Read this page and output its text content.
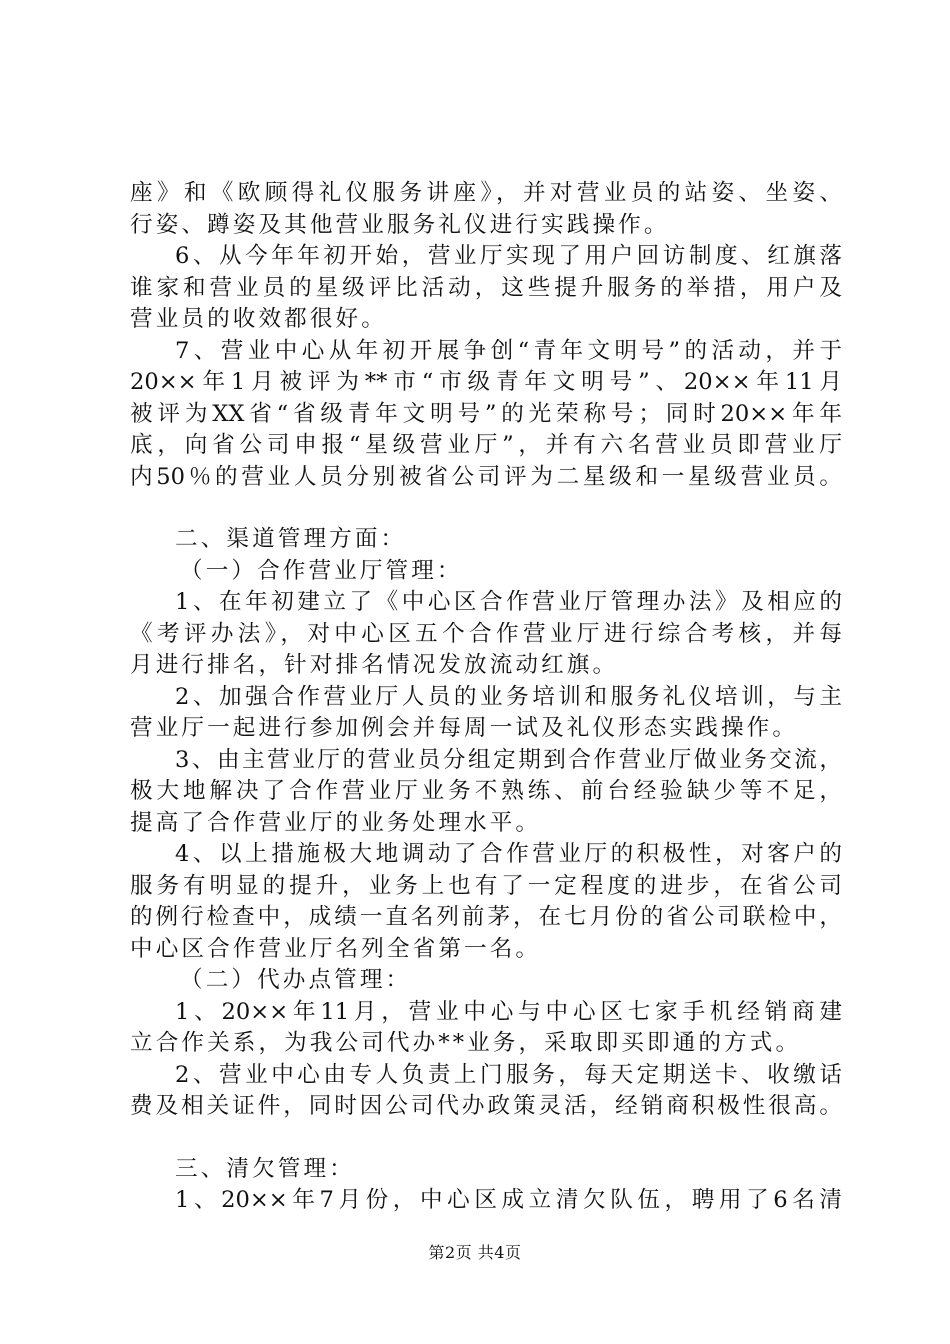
座》和《欧顾得礼仪服务讲座》，并对营业员的站姿、坐姿、
行姿、蹲姿及其他营业服务礼仪进行实践操作。
6、从今年年初开始，营业厅实现了用户回访制度、红旗落
谁家和营业员的星级评比活动，这些提升服务的举措，用户及
营业员的收效都很好。
7、营业中心从年初开展争创“青年文明号”的活动，并于
20××年1月被评为**市“市级青年文明号”、20××年11月
被评为XX省“省级青年文明号”的光荣称号；同时20××年年
底，向省公司申报“星级营业厅”，并有六名营业员即营业厅
内50％的营业人员分别被省公司评为二星级和一星级营业员。
二、渠道管理方面：
（一）合作营业厅管理：
1、在年初建立了《中心区合作营业厅管理办法》及相应的
《考评办法》，对中心区五个合作营业厅进行综合考核，并每
月进行排名，针对排名情况发放流动红旗。
2、加强合作营业厅人员的业务培训和服务礼仪培训，与主
营业厅一起进行参加例会并每周一试及礼仪形态实践操作。
3、由主营业厅的营业员分组定期到合作营业厅做业务交流，
极大地解决了合作营业厅业务不熟练、前台经验缺少等不足，
提高了合作营业厅的业务处理水平。
4、以上措施极大地调动了合作营业厅的积极性，对客户的
服务有明显的提升，业务上也有了一定程度的进步，在省公司
的例行检查中，成绩一直名列前茅，在七月份的省公司联检中，
中心区合作营业厅名列全省第一名。
（二）代办点管理：
1、20××年11月，营业中心与中心区七家手机经销商建
立合作关系，为我公司代办**业务，采取即买即通的方式。
2、营业中心由专人负责上门服务，每天定期送卡、收缴话
费及相关证件，同时因公司代办政策灵活，经销商积极性很高。
三、清欠管理：
1、20××年7月份，中心区成立清欠队伍，聘用了6名清
第2页 共4页
